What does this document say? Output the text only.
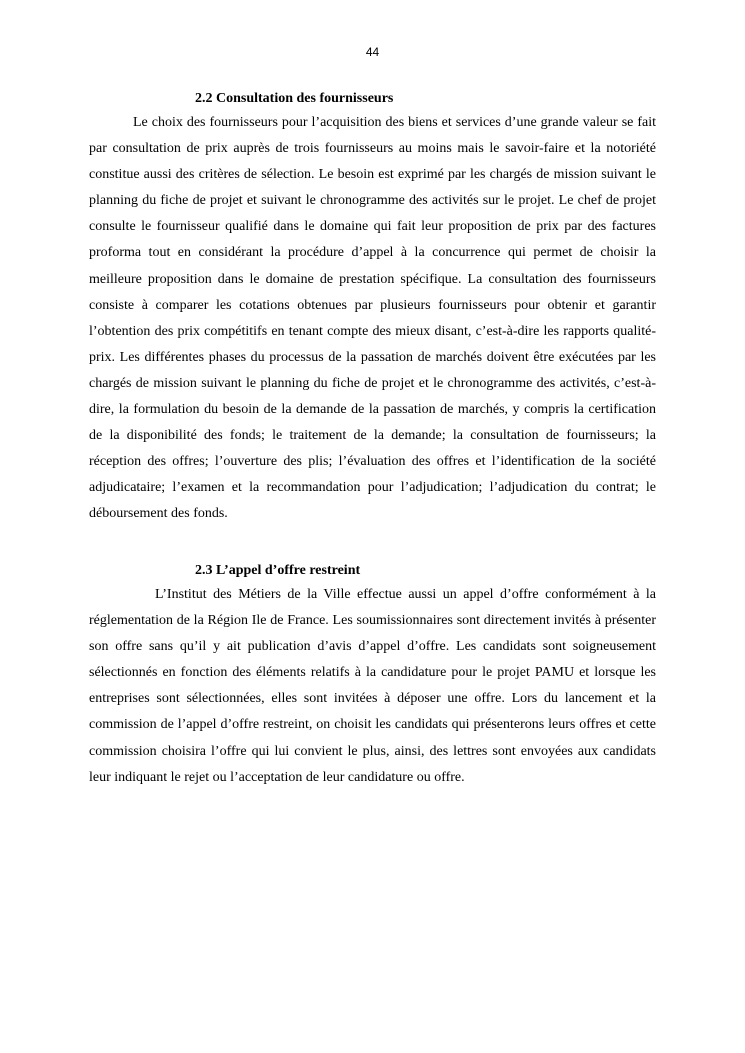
44
2.2 Consultation des fournisseurs

Le choix des fournisseurs pour l’acquisition des biens et services d’une grande valeur se fait par consultation de prix auprès de trois fournisseurs au moins mais le savoir-faire et la notoriété constitue aussi des critères de sélection. Le besoin est exprimé par les chargés de mission suivant le planning du fiche de projet et suivant le chronogramme des activités sur le projet. Le chef de projet consulte le fournisseur qualifié dans le domaine qui fait leur proposition de prix par des factures proforma tout en considérant la procédure d’appel à la concurrence qui permet de choisir la meilleure proposition dans le domaine de prestation spécifique. La consultation des fournisseurs consiste à comparer les cotations obtenues par plusieurs fournisseurs pour obtenir et garantir l’obtention des prix compétitifs en tenant compte des mieux disant, c’est-à-dire les rapports qualité-prix. Les différentes phases du processus de la passation de marchés doivent être exécutées par les chargés de mission suivant le planning du fiche de projet et le chronogramme des activités, c’est-à-dire, la formulation du besoin de la demande de la passation de marchés, y compris la certification de la disponibilité des fonds; le traitement de la demande; la consultation de fournisseurs; la réception des offres; l’ouverture des plis; l’évaluation des offres et l’identification de la société adjudicataire; l’examen et la recommandation pour l’adjudication; l’adjudication du contrat; le déboursement des fonds.

2.3 L’appel d’offre restreint

L’Institut des Métiers de la Ville effectue aussi un appel d’offre conformément à la réglementation de la Région Ile de France. Les soumissionnaires sont directement invités à présenter son offre sans qu’il y ait publication d’avis d’appel d’offre. Les candidats sont soigneusement sélectionnés en fonction des éléments relatifs à la candidature pour le projet PAMU et lorsque les entreprises sont sélectionnées, elles sont invitées à déposer une offre. Lors du lancement et la commission de l’appel d’offre restreint, on choisit les candidats qui présenterons leurs offres et cette commission choisira l’offre qui lui convient le plus, ainsi, des lettres sont envoyées aux candidats leur indiquant le rejet ou l’acceptation de leur candidature ou offre.
